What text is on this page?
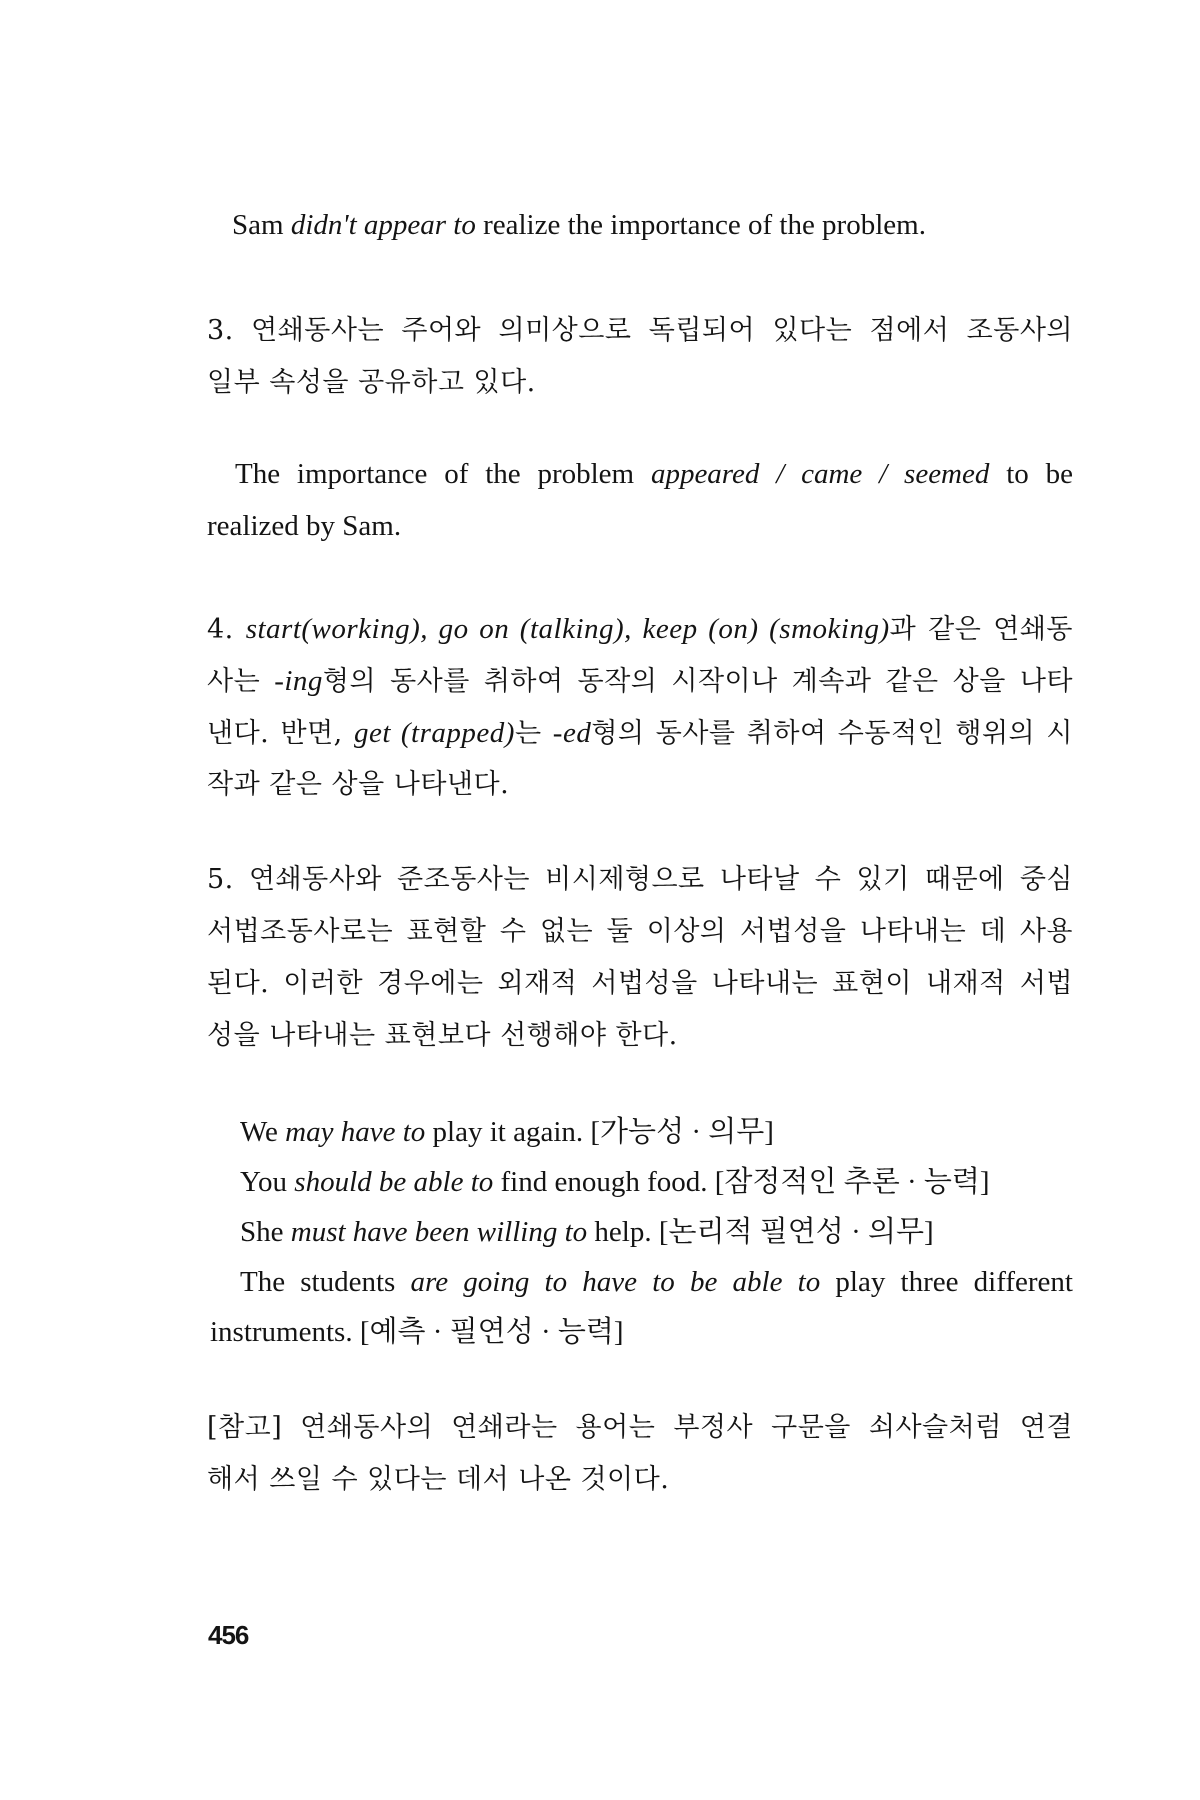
Sam didn't appear to realize the importance of the problem.
3. 연쇄동사는 주어와 의미상으로 독립되어 있다는 점에서 조동사의
일부 속성을 공유하고 있다.
The importance of the problem appeared / came / seemed to be
realized by Sam.
4. start(working), go on (talking), keep (on) (smoking)과 같은 연쇄동
사는 -ing형의 동사를 취하여 동작의 시작이나 계속과 같은 상을 나타
낸다. 반면, get (trapped)는 -ed형의 동사를 취하여 수동적인 행위의 시
작과 같은 상을 나타낸다.
5. 연쇄동사와 준조동사는 비시제형으로 나타날 수 있기 때문에 중심
서법조동사로는 표현할 수 없는 둘 이상의 서법성을 나타내는 데 사용
된다. 이러한 경우에는 외재적 서법성을 나타내는 표현이 내재적 서법
성을 나타내는 표현보다 선행해야 한다.
We may have to play it again. [가능성 · 의무]
You should be able to find enough food. [잠정적인 추론 · 능력]
She must have been willing to help. [논리적 필연성 · 의무]
The students are going to have to be able to play three different
instruments. [예측 · 필연성 · 능력]
[참고] 연쇄동사의 연쇄라는 용어는 부정사 구문을 쇠사슬처럼 연결
해서 쓰일 수 있다는 데서 나온 것이다.
456
